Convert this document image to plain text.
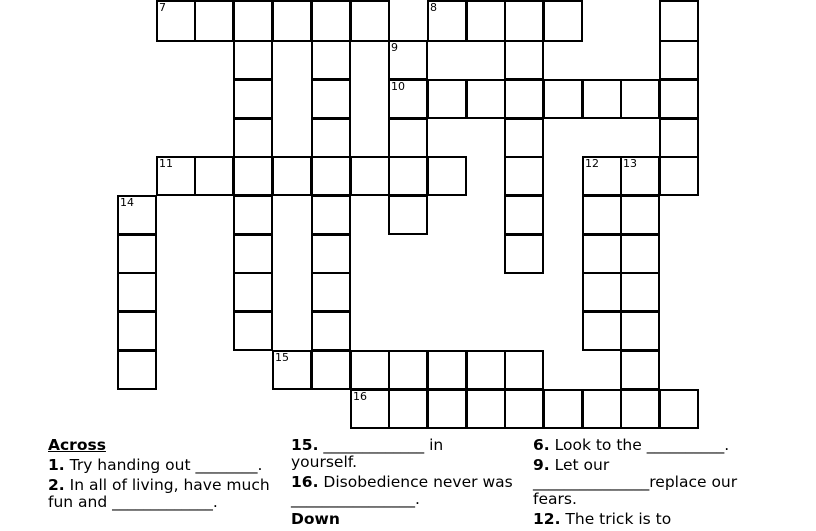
7	8
9
10
11	12 13
14
15
16
Across
1. Try handing out ________.
2. In all of living, have much fun and _____________.
15. _____________ in yourself.
16. Disobedience never was ________________.
Down
6. Look to the __________.
9. Let our _______________replace our fears.
12. The trick is to
